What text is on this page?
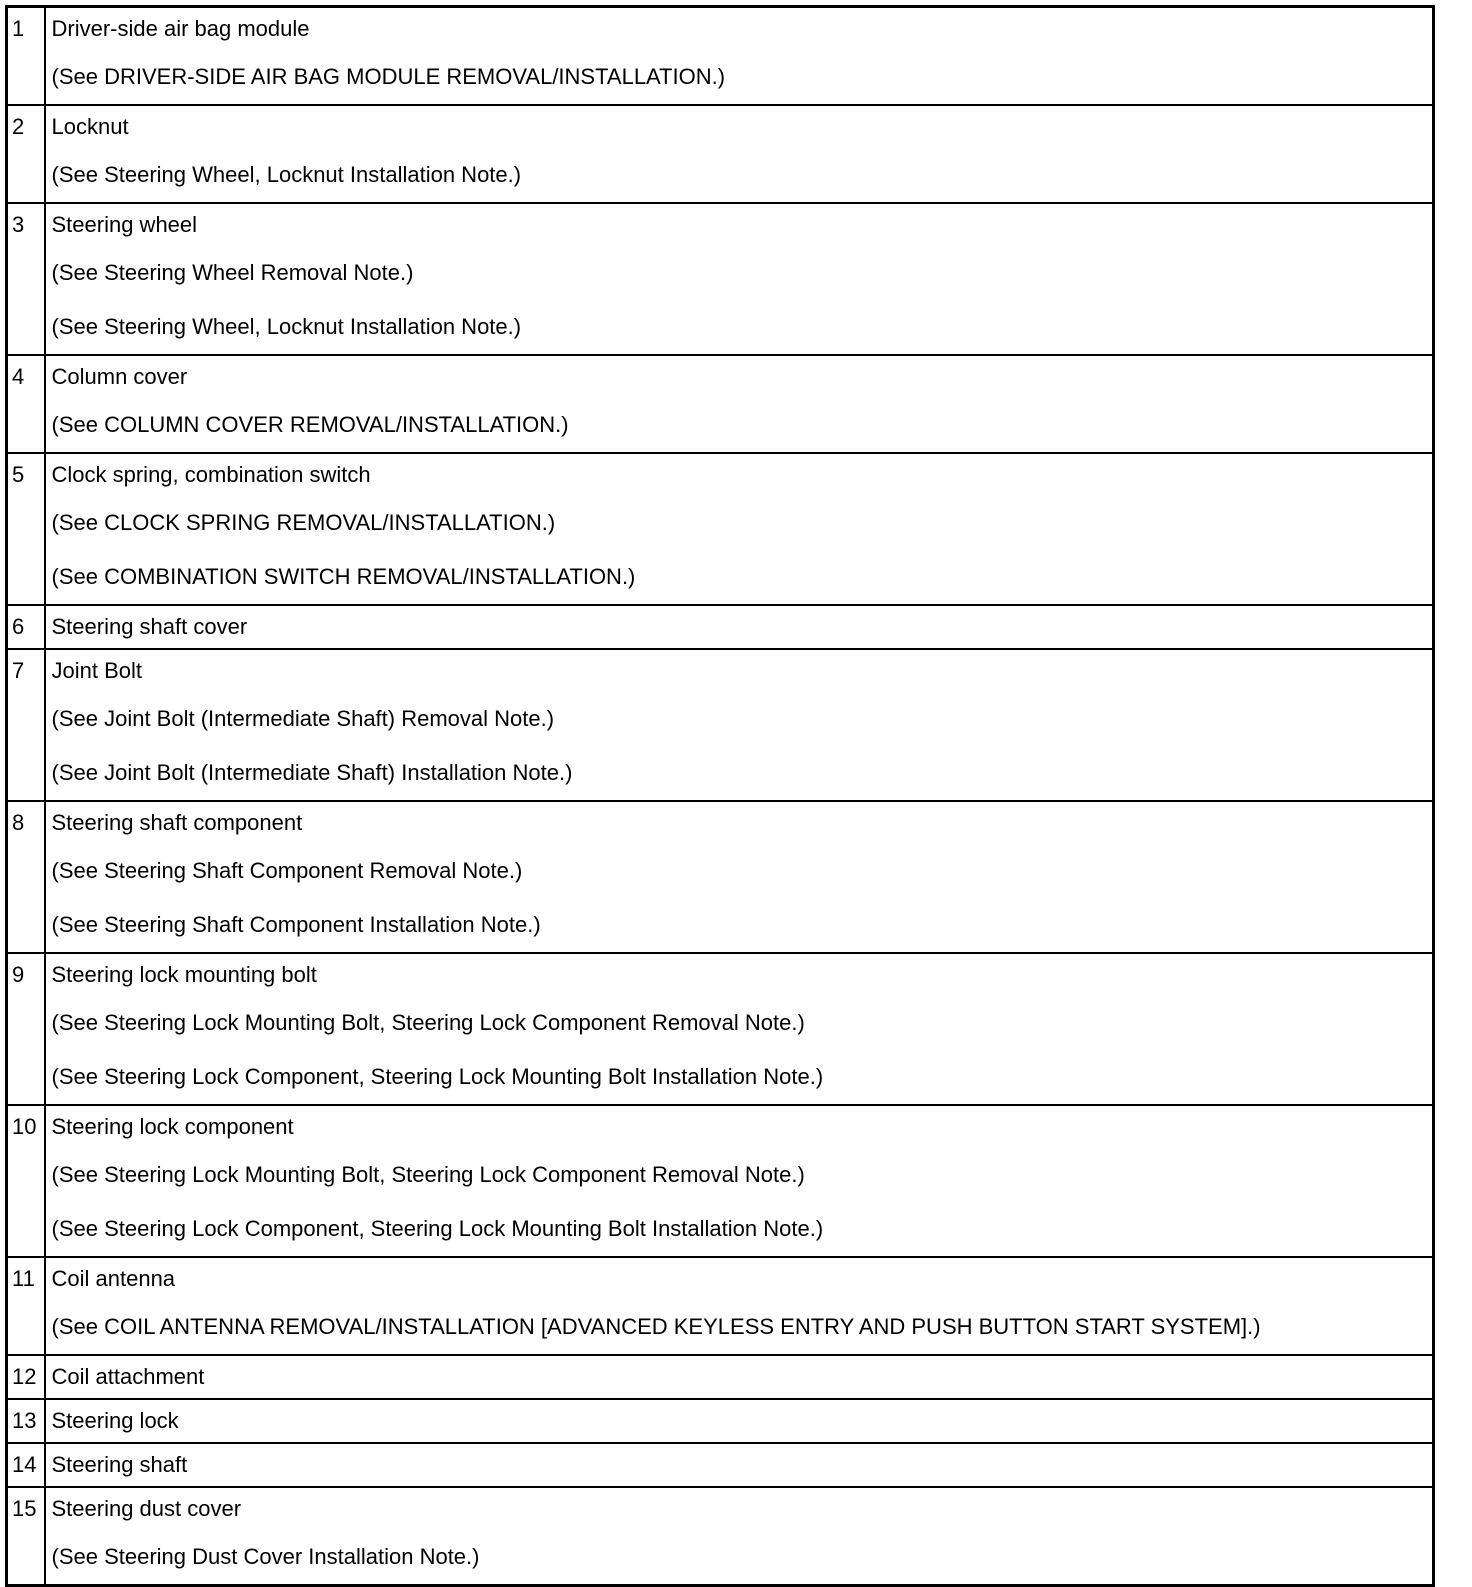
1	Driver-side air bag module
(See DRIVER-SIDE AIR BAG MODULE REMOVAL/INSTALLATION.)

2	Locknut
(See Steering Wheel, Locknut Installation Note.)

3	Steering wheel
(See Steering Wheel Removal Note.)
(See Steering Wheel, Locknut Installation Note.)

4	Column cover
(See COLUMN COVER REMOVAL/INSTALLATION.)

5	Clock spring, combination switch
(See CLOCK SPRING REMOVAL/INSTALLATION.)
(See COMBINATION SWITCH REMOVAL/INSTALLATION.)

6	Steering shaft cover

7	Joint Bolt
(See Joint Bolt (Intermediate Shaft) Removal Note.)
(See Joint Bolt (Intermediate Shaft) Installation Note.)

8	Steering shaft component
(See Steering Shaft Component Removal Note.)
(See Steering Shaft Component Installation Note.)

9	Steering lock mounting bolt
(See Steering Lock Mounting Bolt, Steering Lock Component Removal Note.)
(See Steering Lock Component, Steering Lock Mounting Bolt Installation Note.)

10	Steering lock component
(See Steering Lock Mounting Bolt, Steering Lock Component Removal Note.)
(See Steering Lock Component, Steering Lock Mounting Bolt Installation Note.)

11	Coil antenna
(See COIL ANTENNA REMOVAL/INSTALLATION [ADVANCED KEYLESS ENTRY AND PUSH BUTTON START SYSTEM].)

12	Coil attachment

13	Steering lock

14	Steering shaft

15	Steering dust cover
(See Steering Dust Cover Installation Note.)
